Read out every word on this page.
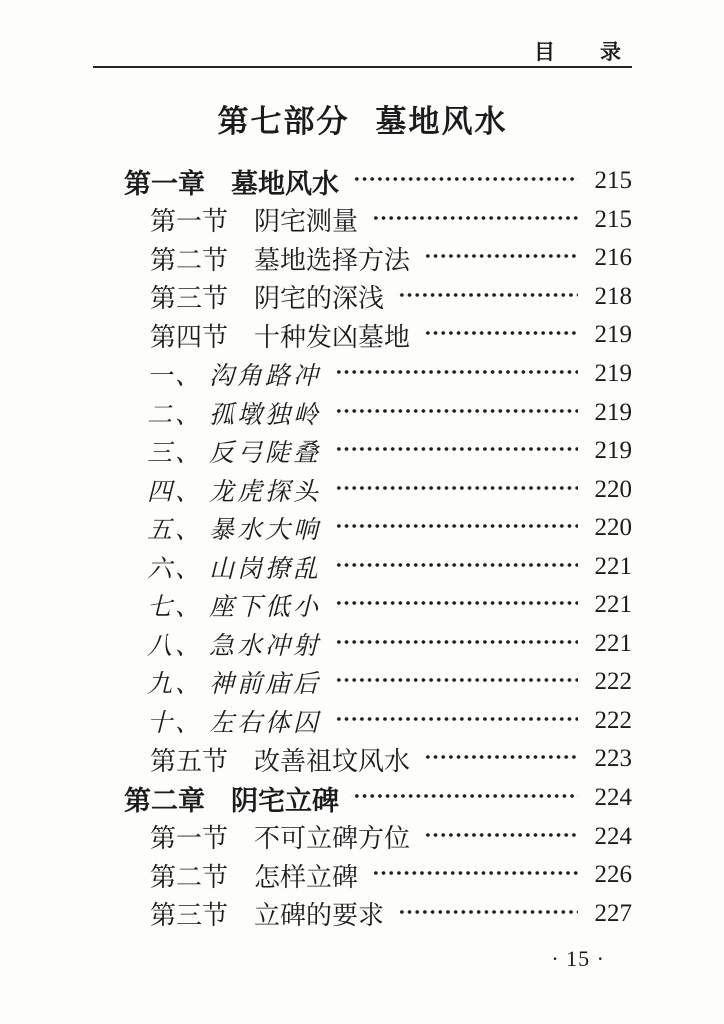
目　　录
第七部分 墓地风水
第一章 墓地风水	215
第一节 阴宅测量	215
第二节 墓地选择方法	216
第三节 阴宅的深浅	218
第四节 十种发凶墓地	219
一、 沟角路冲	219
二、 孤墩独岭	219
三、 反弓陡叠	219
四、 龙虎探头	220
五、 暴水大响	220
六、 山岗撩乱	221
七、 座下低小	221
八、 急水冲射	221
九、 神前庙后	222
十、 左右体囚	222
第五节 改善祖坟风水	223
第二章 阴宅立碑	224
第一节 不可立碑方位	224
第二节 怎样立碑	226
第三节 立碑的要求	227
· 15 ·
